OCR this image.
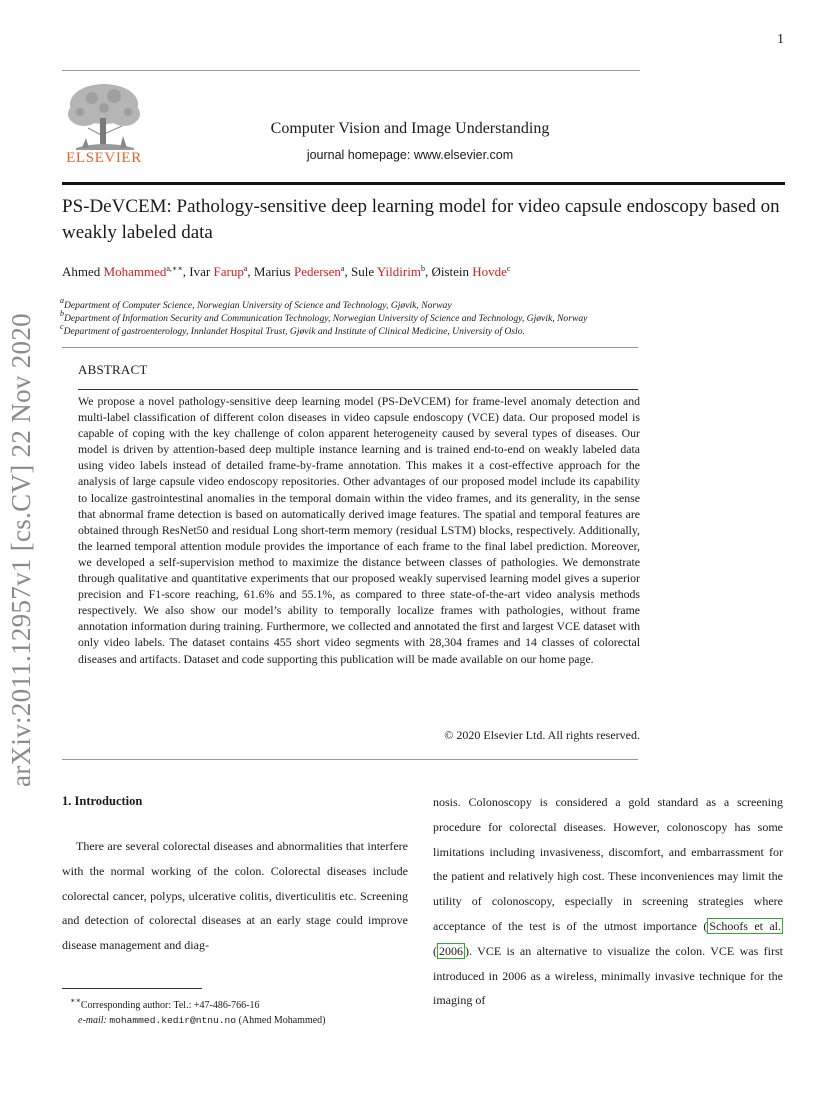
1
arXiv:2011.12957v1 [cs.CV] 22 Nov 2020
ELSEVIER
Computer Vision and Image Understanding
journal homepage: www.elsevier.com
PS-DeVCEM: Pathology-sensitive deep learning model for video capsule endoscopy based on weakly labeled data
Ahmed Mohammed$^{a,∗∗}$, Ivar Farup$^a$, Marius Pedersen$^a$, Sule Yildirim$^b$, Øistein Hovde$^c$
$^a$Department of Computer Science, Norwegian University of Science and Technology, Gjøvik, Norway
$^b$Department of Information Security and Communication Technology, Norwegian University of Science and Technology, Gjøvik, Norway
$^c$Department of gastroenterology, Innlandet Hospital Trust, Gjøvik and Institute of Clinical Medicine, University of Oslo.
ABSTRACT
We propose a novel pathology-sensitive deep learning model (PS-DeVCEM) for frame-level anomaly detection and multi-label classification of different colon diseases in video capsule endoscopy (VCE) data. Our proposed model is capable of coping with the key challenge of colon apparent heterogeneity caused by several types of diseases. Our model is driven by attention-based deep multiple instance learning and is trained end-to-end on weakly labeled data using video labels instead of detailed frame-by-frame annotation. This makes it a cost-effective approach for the analysis of large capsule video endoscopy repositories. Other advantages of our proposed model include its capability to localize gastrointestinal anomalies in the temporal domain within the video frames, and its generality, in the sense that abnormal frame detection is based on automatically derived image features. The spatial and temporal features are obtained through ResNet50 and residual Long short-term memory (residual LSTM) blocks, respectively. Additionally, the learned temporal attention module provides the importance of each frame to the final label prediction. Moreover, we developed a self-supervision method to maximize the distance between classes of pathologies. We demonstrate through qualitative and quantitative experiments that our proposed weakly supervised learning model gives a superior precision and F1-score reaching, 61.6% and 55.1%, as compared to three state-of-the-art video analysis methods respectively. We also show our model’s ability to temporally localize frames with pathologies, without frame annotation information during training. Furthermore, we collected and annotated the first and largest VCE dataset with only video labels. The dataset contains 455 short video segments with 28,304 frames and 14 classes of colorectal diseases and artifacts. Dataset and code supporting this publication will be made available on our home page.
© 2020 Elsevier Ltd. All rights reserved.
1. Introduction
There are several colorectal diseases and abnormalities that interfere with the normal working of the colon. Colorectal diseases include colorectal cancer, polyps, ulcerative colitis, diverticulitis etc. Screening and detection of colorectal diseases at an early stage could improve disease management and diag-
nosis. Colonoscopy is considered a gold standard as a screening procedure for colorectal diseases. However, colonoscopy has some limitations including invasiveness, discomfort, and embarrassment for the patient and relatively high cost. These inconveniences may limit the utility of colonoscopy, especially in screening strategies where acceptance of the test is of the utmost importance ( Schoofs et al. ( 2006 ). VCE is an alternative to visualize the colon. VCE was first introduced in 2006 as a wireless, minimally invasive technique for the imaging of
∗∗Corresponding author: Tel.: +47-486-766-16
e-mail: mohammed.kedir@ntnu.no (Ahmed Mohammed)
